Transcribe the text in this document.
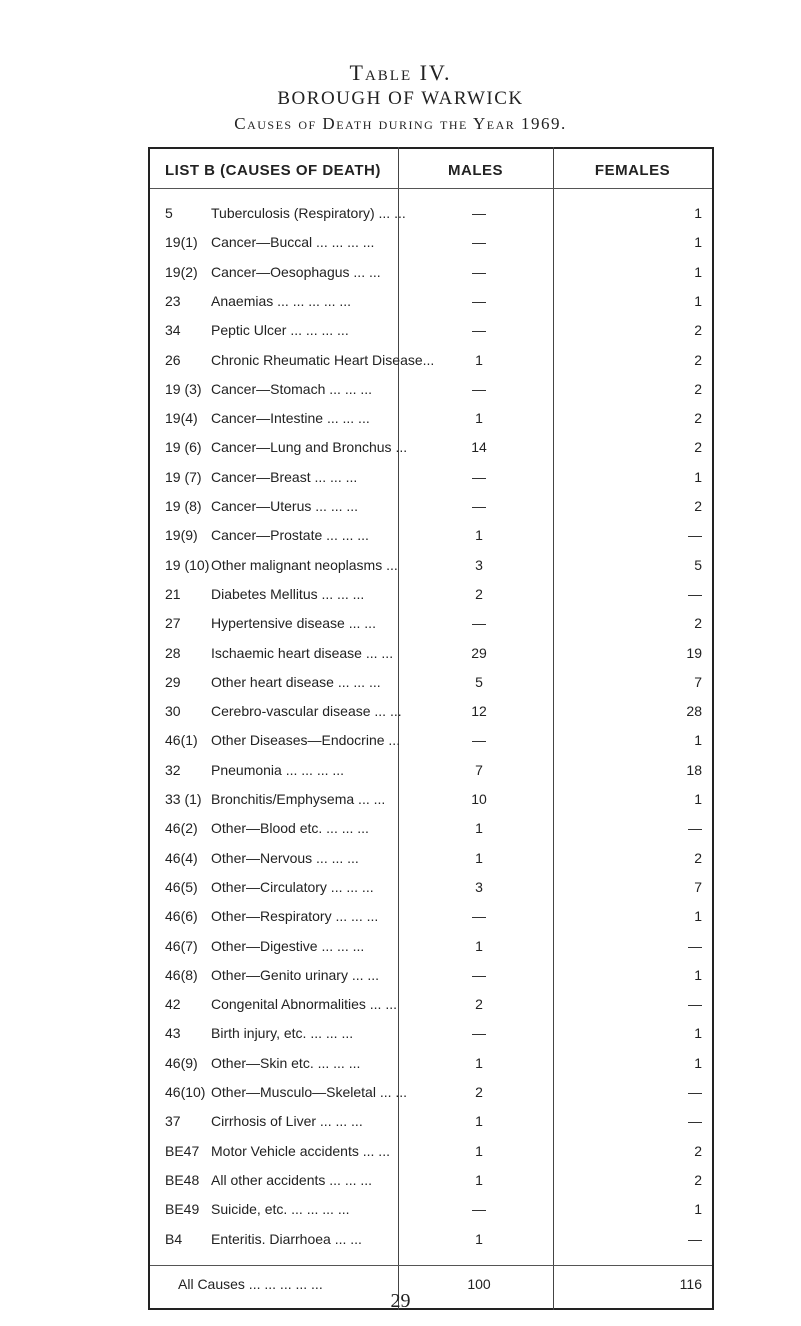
Table IV.
BOROUGH OF WARWICK
Causes of Death during the Year 1969.
LIST B (CAUSES OF DEATH)	MALES	FEMALES
5	Tuberculosis (Respiratory) ... ...	—	1
19(1) Cancer—Buccal ... ... ... ...	—	1
19(2) Cancer—Oesophagus ... ...	—	1
23 Anaemias ... ... ... ... ...	—	1
34 Peptic Ulcer ... ... ... ...	—	2
26 Chronic Rheumatic Heart Disease...	1	2
19 (3) Cancer—Stomach ... ... ...	—	2
19(4) Cancer—Intestine ... ... ...	1	2
19 (6) Cancer—Lung and Bronchus ...	14	2
19 (7) Cancer—Breast ... ... ...	—	1
19 (8) Cancer—Uterus ... ... ...	—	2
19(9) Cancer—Prostate ... ... ...	1	—
19 (10) Other malignant neoplasms ...	3	5
21 Diabetes Mellitus ... ... ...	2	—
27 Hypertensive disease ... ...	—	2
28 Ischaemic heart disease ... ...	29	19
29 Other heart disease ... ... ...	5	7
30 Cerebro-vascular disease ... ...	12	28
46(1) Other Diseases—Endocrine ...	—	1
32 Pneumonia ... ... ... ...	7	18
33 (1) Bronchitis/Emphysema ... ...	10	1
46(2) Other—Blood etc. ... ... ...	1	—
46(4) Other—Nervous ... ... ...	1	2
46(5) Other—Circulatory ... ... ...	3	7
46(6) Other—Respiratory ... ... ...	—	1
46(7) Other—Digestive ... ... ...	1	—
46(8) Other—Genito urinary ... ...	—	1
42 Congenital Abnormalities ... ...	2	—
43 Birth injury, etc. ... ... ...	—	1
46(9) Other—Skin etc. ... ... ...	1	1
46(10) Other—Musculo—Skeletal ... ...	2	—
37 Cirrhosis of Liver ... ... ...	1	—
BE47 Motor Vehicle accidents ... ...	1	2
BE48 All other accidents ... ... ...	1	2
BE49 Suicide, etc. ... ... ... ...	—	1
B4 Enteritis. Diarrhoea ... ...	1	—
All Causes ... ... ... ... ...	100	116
29
